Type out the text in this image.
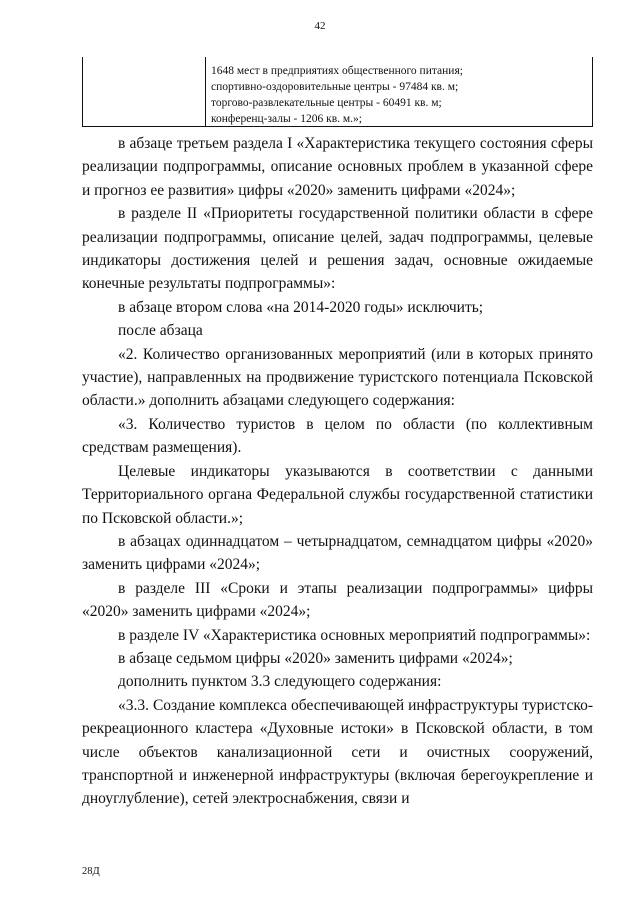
42
1648 мест в предприятиях общественного питания;
спортивно-оздоровительные центры - 97484 кв. м;
торгово-развлекательные центры - 60491 кв. м;
конференц-залы - 1206 кв. м.»;

в абзаце третьем раздела I «Характеристика текущего состояния сферы реализации подпрограммы, описание основных проблем в указанной сфере и прогноз ее развития» цифры «2020» заменить цифрами «2024»;

в разделе II «Приоритеты государственной политики области в сфере реализации подпрограммы, описание целей, задач подпрограммы, целевые индикаторы достижения целей и решения задач, основные ожидаемые конечные результаты подпрограммы»:

в абзаце втором слова «на 2014-2020 годы» исключить;

после абзаца

«2. Количество организованных мероприятий (или в которых принято участие), направленных на продвижение туристского потенциала Псковской области.» дополнить абзацами следующего содержания:

«3. Количество туристов в целом по области (по коллективным средствам размещения).

Целевые индикаторы указываются в соответствии с данными Территориального органа Федеральной службы государственной статистики по Псковской области.»;

в абзацах одиннадцатом – четырнадцатом, семнадцатом цифры «2020» заменить цифрами «2024»;

в разделе III «Сроки и этапы реализации подпрограммы» цифры «2020» заменить цифрами «2024»;

в разделе IV «Характеристика основных мероприятий подпрограммы»:

в абзаце седьмом цифры «2020» заменить цифрами «2024»;

дополнить пунктом 3.3 следующего содержания:

«3.3. Создание комплекса обеспечивающей инфраструктуры туристско-рекреационного кластера «Духовные истоки» в Псковской области, в том числе объектов канализационной сети и очистных сооружений, транспортной и инженерной инфраструктуры (включая берегоукрепление и дноуглубление), сетей электроснабжения, связи и

28Д
